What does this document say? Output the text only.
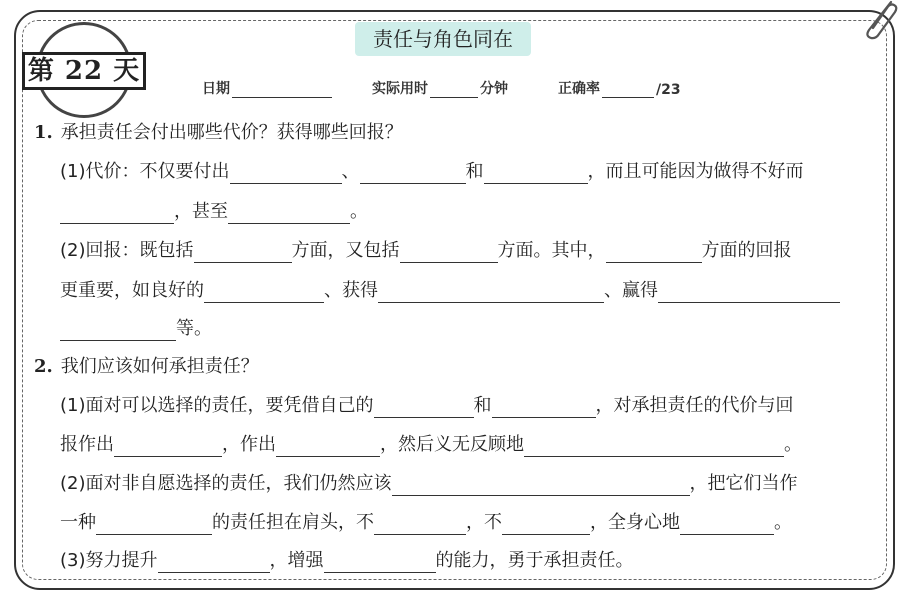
第 22 天
责任与角色同在
日期	实际用时	分钟	正确率	/23
1. 承担责任会付出哪些代价？获得哪些回报？
(1)代价：不仅要付出	、	和	，而且可能因为做得不好而
，甚至	。
(2)回报：既包括	方面，又包括	方面。其中，	方面的回报
更重要，如良好的	、获得	、赢得
等。
2. 我们应该如何承担责任？
(1)面对可以选择的责任，要凭借自己的	和	，对承担责任的代价与回
报作出	，作出	，然后义无反顾地	。
(2)面对非自愿选择的责任，我们仍然应该	，把它们当作
一种	的责任担在肩头，不	，不	，全身心地	。
(3)努力提升	，增强	的能力，勇于承担责任。
